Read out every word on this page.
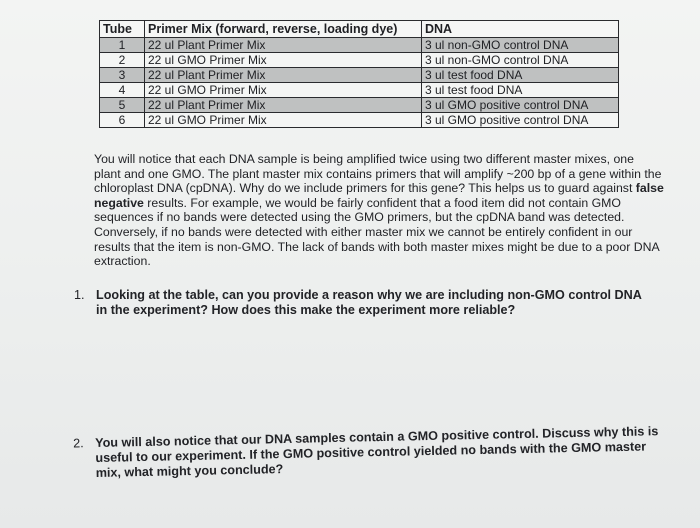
Tube	Primer Mix (forward, reverse, loading dye)	DNA
1	22 ul Plant Primer Mix	3 ul non-GMO control DNA
2	22 ul GMO Primer Mix	3 ul non-GMO control DNA
3	22 ul Plant Primer Mix	3 ul test food DNA
4	22 ul GMO Primer Mix	3 ul test food DNA
5	22 ul Plant Primer Mix	3 ul GMO positive control DNA
6	22 ul GMO Primer Mix	3 ul GMO positive control DNA
You will notice that each DNA sample is being amplified twice using two different master mixes, one plant and one GMO. The plant master mix contains primers that will amplify ~200 bp of a gene within the chloroplast DNA (cpDNA). Why do we include primers for this gene? This helps us to guard against false negative results. For example, we would be fairly confident that a food item did not contain GMO sequences if no bands were detected using the GMO primers, but the cpDNA band was detected. Conversely, if no bands were detected with either master mix we cannot be entirely confident in our results that the item is non-GMO. The lack of bands with both master mixes might be due to a poor DNA extraction.
1. Looking at the table, can you provide a reason why we are including non-GMO control DNA in the experiment? How does this make the experiment more reliable?
2. You will also notice that our DNA samples contain a GMO positive control. Discuss why this is useful to our experiment. If the GMO positive control yielded no bands with the GMO master mix, what might you conclude?
